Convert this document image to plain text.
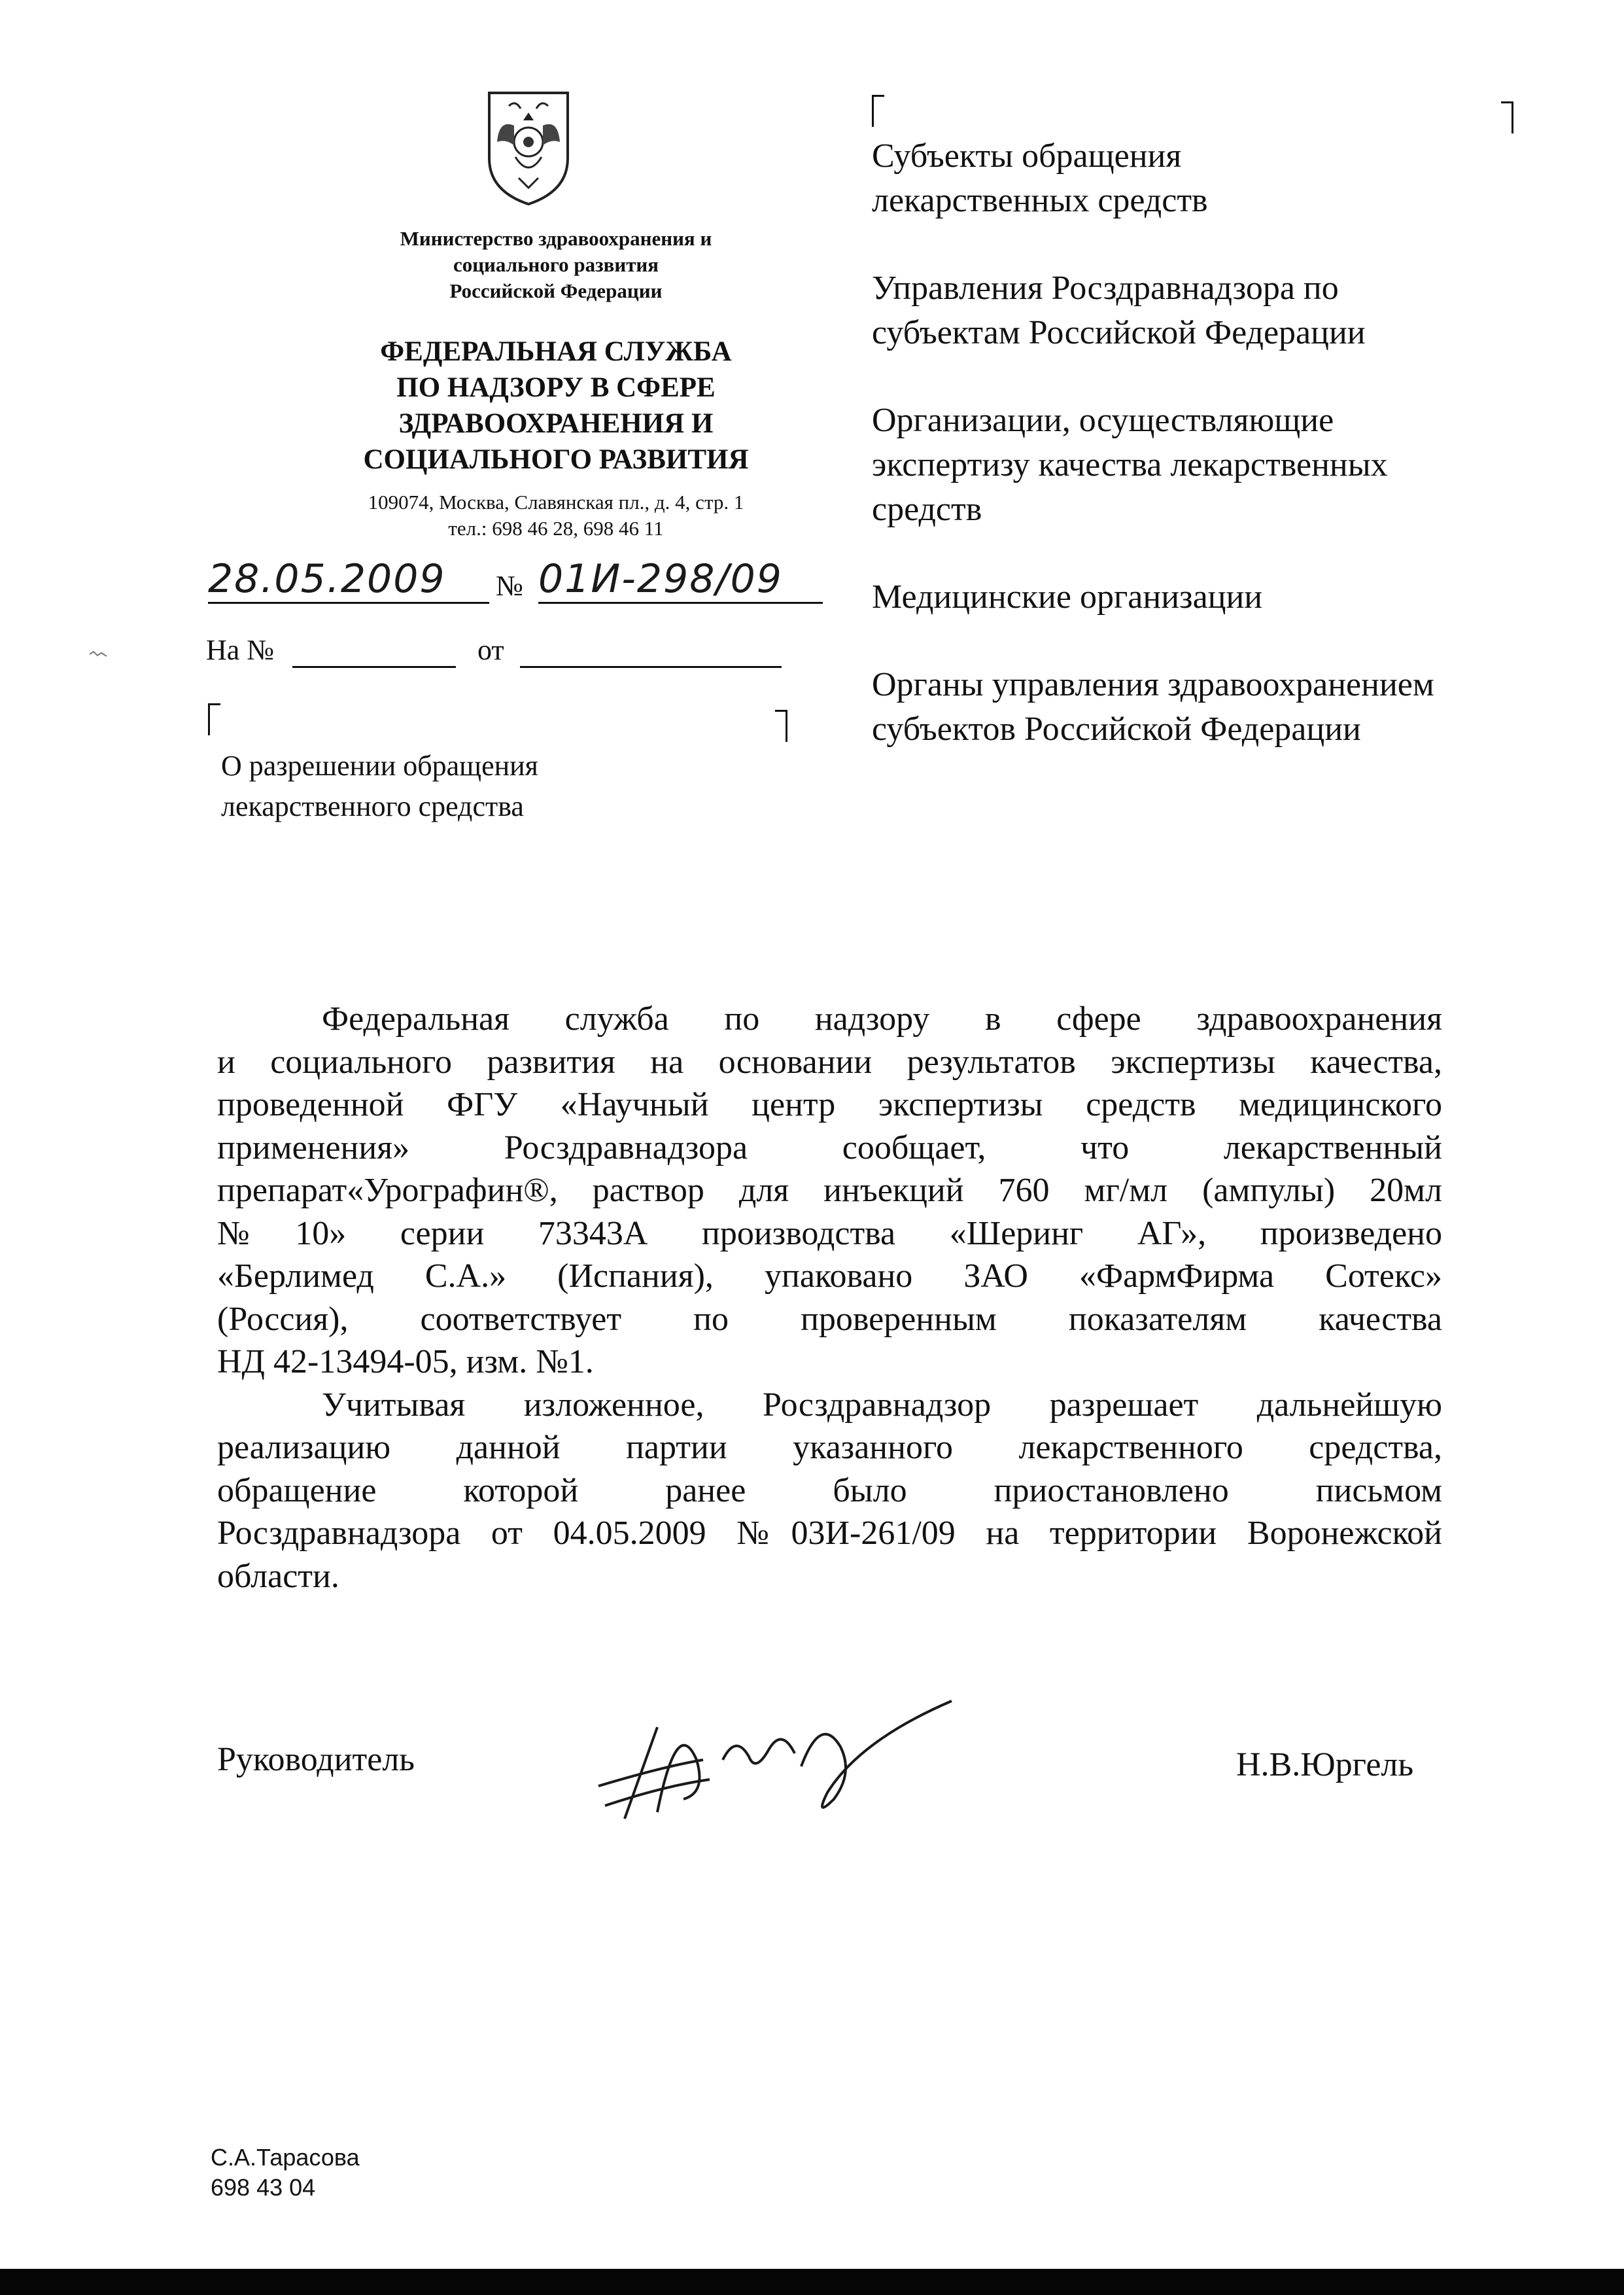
Министерство здравоохранения и
социального развития
Российской Федерации
ФЕДЕРАЛЬНАЯ СЛУЖБА
ПО НАДЗОРУ В СФЕРЕ
ЗДРАВООХРАНЕНИЯ И
СОЦИАЛЬНОГО РАЗВИТИЯ
109074, Москва, Славянская пл., д. 4, стр. 1
тел.: 698 46 28, 698 46 11
28.05.2009	№ 01И-298/09
На №	от
О разрешении обращения
лекарственного средства
Субъекты обращения
лекарственных средств
Управления Росздравнадзора по
субъектам Российской Федерации
Организации, осуществляющие
экспертизу качества лекарственных
средств
Медицинские организации
Органы управления здравоохранением
субъектов Российской Федерации
Федеральная служба по надзору в сфере здравоохранения
и социального развития на основании результатов экспертизы качества,
проведенной ФГУ «Научный центр экспертизы средств медицинского
применения» Росздравнадзора сообщает, что лекарственный
препарат«Урографин®, раствор для инъекций 760 мг/мл (ампулы) 20мл
№10» серии 73343А производства «Шеринг АГ», произведено
«Берлимед С.А.» (Испания), упаковано ЗАО «ФармФирма Сотекс»
(Россия), соответствует по проверенным показателям качества
НД 42-13494-05, изм. №1.
Учитывая изложенное, Росздравнадзор разрешает дальнейшую
реализацию данной партии указанного лекарственного средства,
обращение которой ранее было приостановлено письмом
Росздравнадзора от 04.05.2009 №03И-261/09 на территории Воронежской
области.
Руководитель	Н.В.Юргель
С.А.Тарасова
698 43 04
